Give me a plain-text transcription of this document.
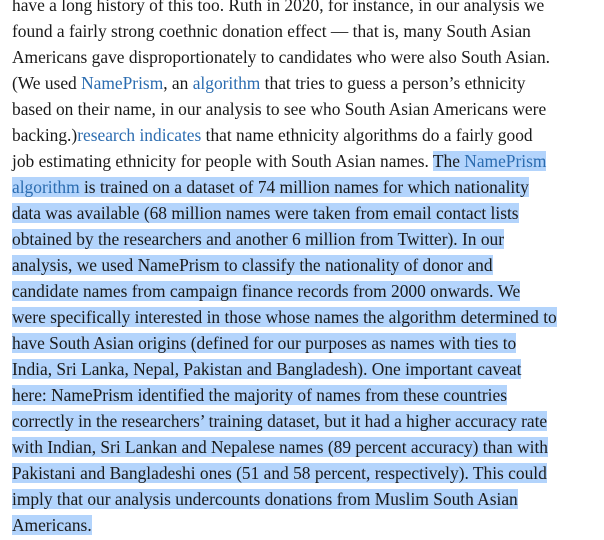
have a long history of this too. Ruth in 2020, for instance, in our analysis we
found a fairly strong coethnic donation effect — that is, many South Asian
Americans gave disproportionately to candidates who were also South Asian.
(We used NamePrism, an algorithm that tries to guess a person’s ethnicity
based on their name, in our analysis to see who South Asian Americans were
backing.)research indicates that name ethnicity algorithms do a fairly good
job estimating ethnicity for people with South Asian names. The NamePrism
algorithm is trained on a dataset of 74 million names for which nationality
data was available (68 million names were taken from email contact lists
obtained by the researchers and another 6 million from Twitter). In our
analysis, we used NamePrism to classify the nationality of donor and
candidate names from campaign finance records from 2000 onwards. We
were specifically interested in those whose names the algorithm determined to
have South Asian origins (defined for our purposes as names with ties to
India, Sri Lanka, Nepal, Pakistan and Bangladesh). One important caveat
here: NamePrism identified the majority of names from these countries
correctly in the researchers’ training dataset, but it had a higher accuracy rate
with Indian, Sri Lankan and Nepalese names (89 percent accuracy) than with
Pakistani and Bangladeshi ones (51 and 58 percent, respectively). This could
imply that our analysis undercounts donations from Muslim South Asian
Americans.
